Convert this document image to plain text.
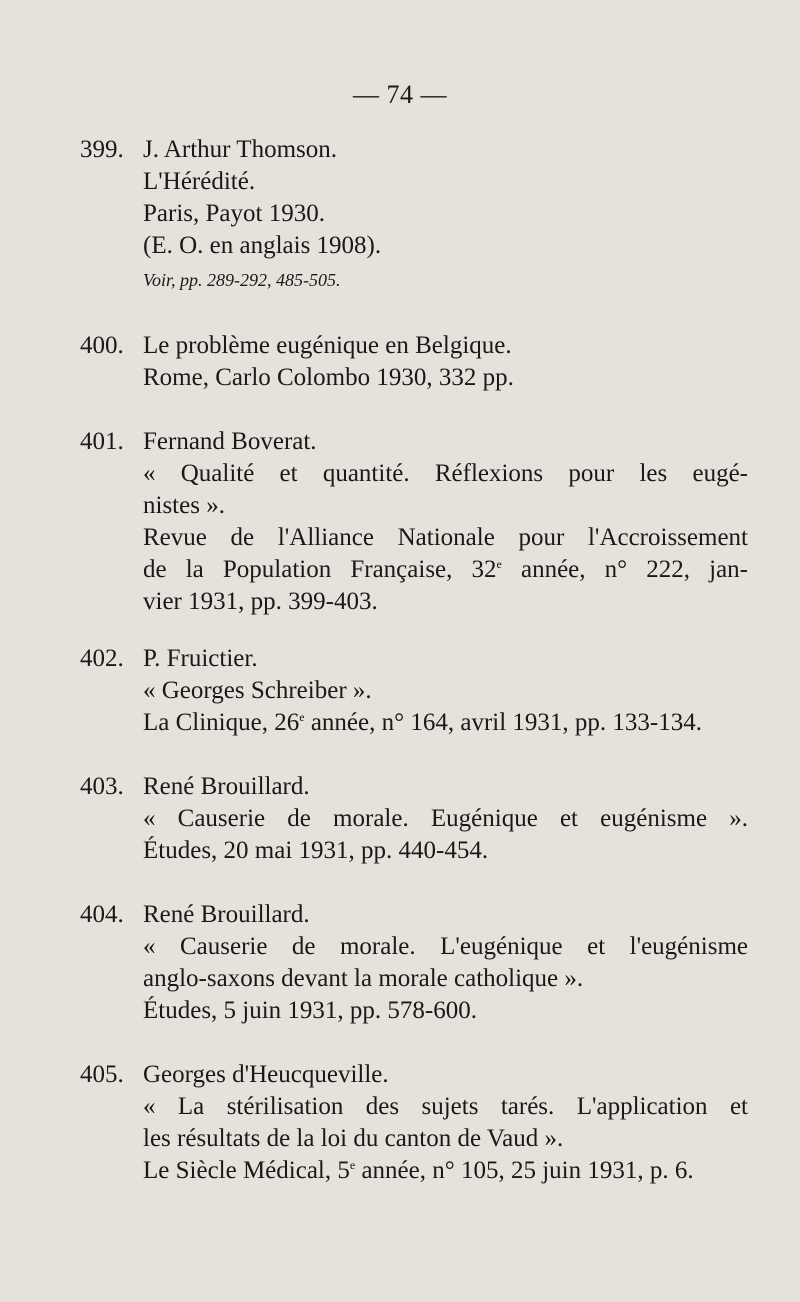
— 74 —
399. J. Arthur Thomson.
L'Hérédité.
Paris, Payot 1930.
(E. O. en anglais 1908).
Voir, pp. 289-292, 485-505.
400. Le problème eugénique en Belgique.
Rome, Carlo Colombo 1930, 332 pp.
401. Fernand Boverat.
« Qualité et quantité. Réflexions pour les eugé-
nistes ».
Revue de l'Alliance Nationale pour l'Accroissement
de la Population Française, 32e année, n° 222, jan-
vier 1931, pp. 399-403.
402. P. Fruictier.
« Georges Schreiber ».
La Clinique, 26e année, n° 164, avril 1931, pp. 133-134.
403. René Brouillard.
« Causerie de morale. Eugénique et eugénisme ».
Études, 20 mai 1931, pp. 440-454.
404. René Brouillard.
« Causerie de morale. L'eugénique et l'eugénisme
anglo-saxons devant la morale catholique ».
Études, 5 juin 1931, pp. 578-600.
405. Georges d'Heucqueville.
« La stérilisation des sujets tarés. L'application et
les résultats de la loi du canton de Vaud ».
Le Siècle Médical, 5e année, n° 105, 25 juin 1931, p. 6.
